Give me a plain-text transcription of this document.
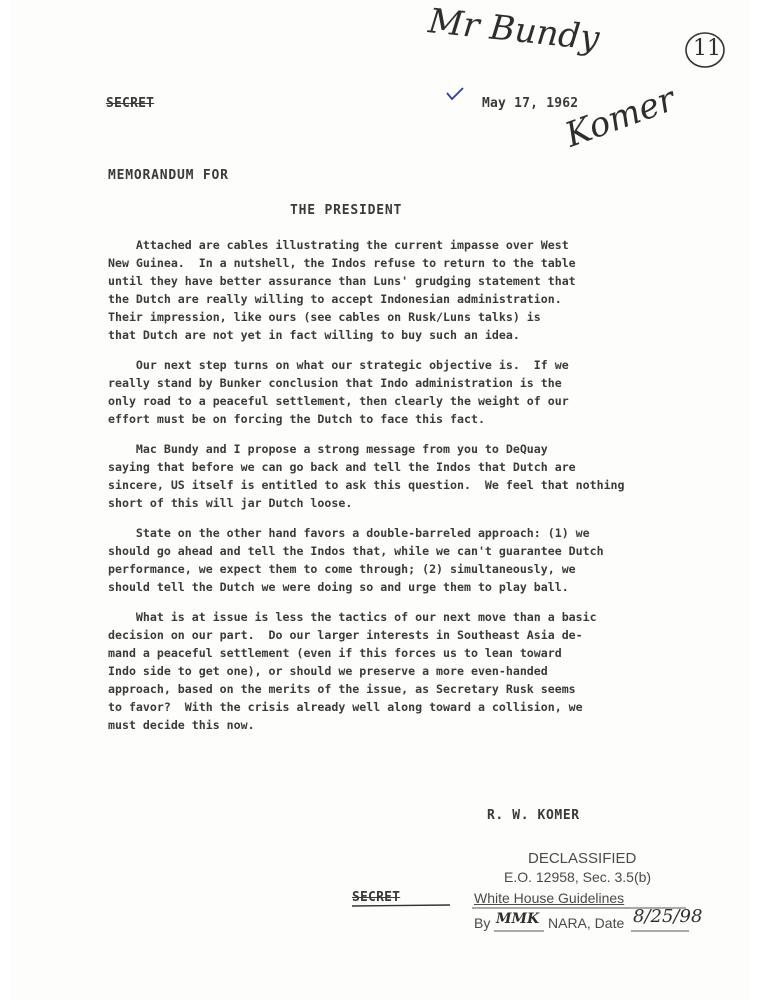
Mr Bundy	11
Komer
SECRET	May 17, 1962
MEMORANDUM FOR
THE PRESIDENT
Attached are cables illustrating the current impasse over West
New Guinea.  In a nutshell, the Indos refuse to return to the table
until they have better assurance than Luns' grudging statement that
the Dutch are really willing to accept Indonesian administration.
Their impression, like ours (see cables on Rusk/Luns talks) is
that Dutch are not yet in fact willing to buy such an idea.
Our next step turns on what our strategic objective is.  If we
really stand by Bunker conclusion that Indo administration is the
only road to a peaceful settlement, then clearly the weight of our
effort must be on forcing the Dutch to face this fact.
Mac Bundy and I propose a strong message from you to DeQuay
saying that before we can go back and tell the Indos that Dutch are
sincere, US itself is entitled to ask this question.  We feel that nothing
short of this will jar Dutch loose.
State on the other hand favors a double-barreled approach: (1) we
should go ahead and tell the Indos that, while we can't guarantee Dutch
performance, we expect them to come through; (2) simultaneously, we
should tell the Dutch we were doing so and urge them to play ball.
What is at issue is less the tactics of our next move than a basic
decision on our part.  Do our larger interests in Southeast Asia de-
mand a peaceful settlement (even if this forces us to lean toward
Indo side to get one), or should we preserve a more even-handed
approach, based on the merits of the issue, as Secretary Rusk seems
to favor?  With the crisis already well along toward a collision, we
must decide this now.
R. W. KOMER
DECLASSIFIED
E.O. 12958, Sec. 3.5(b)
SECRET	White House Guidelines
By MMK NARA, Date 8/25/98
